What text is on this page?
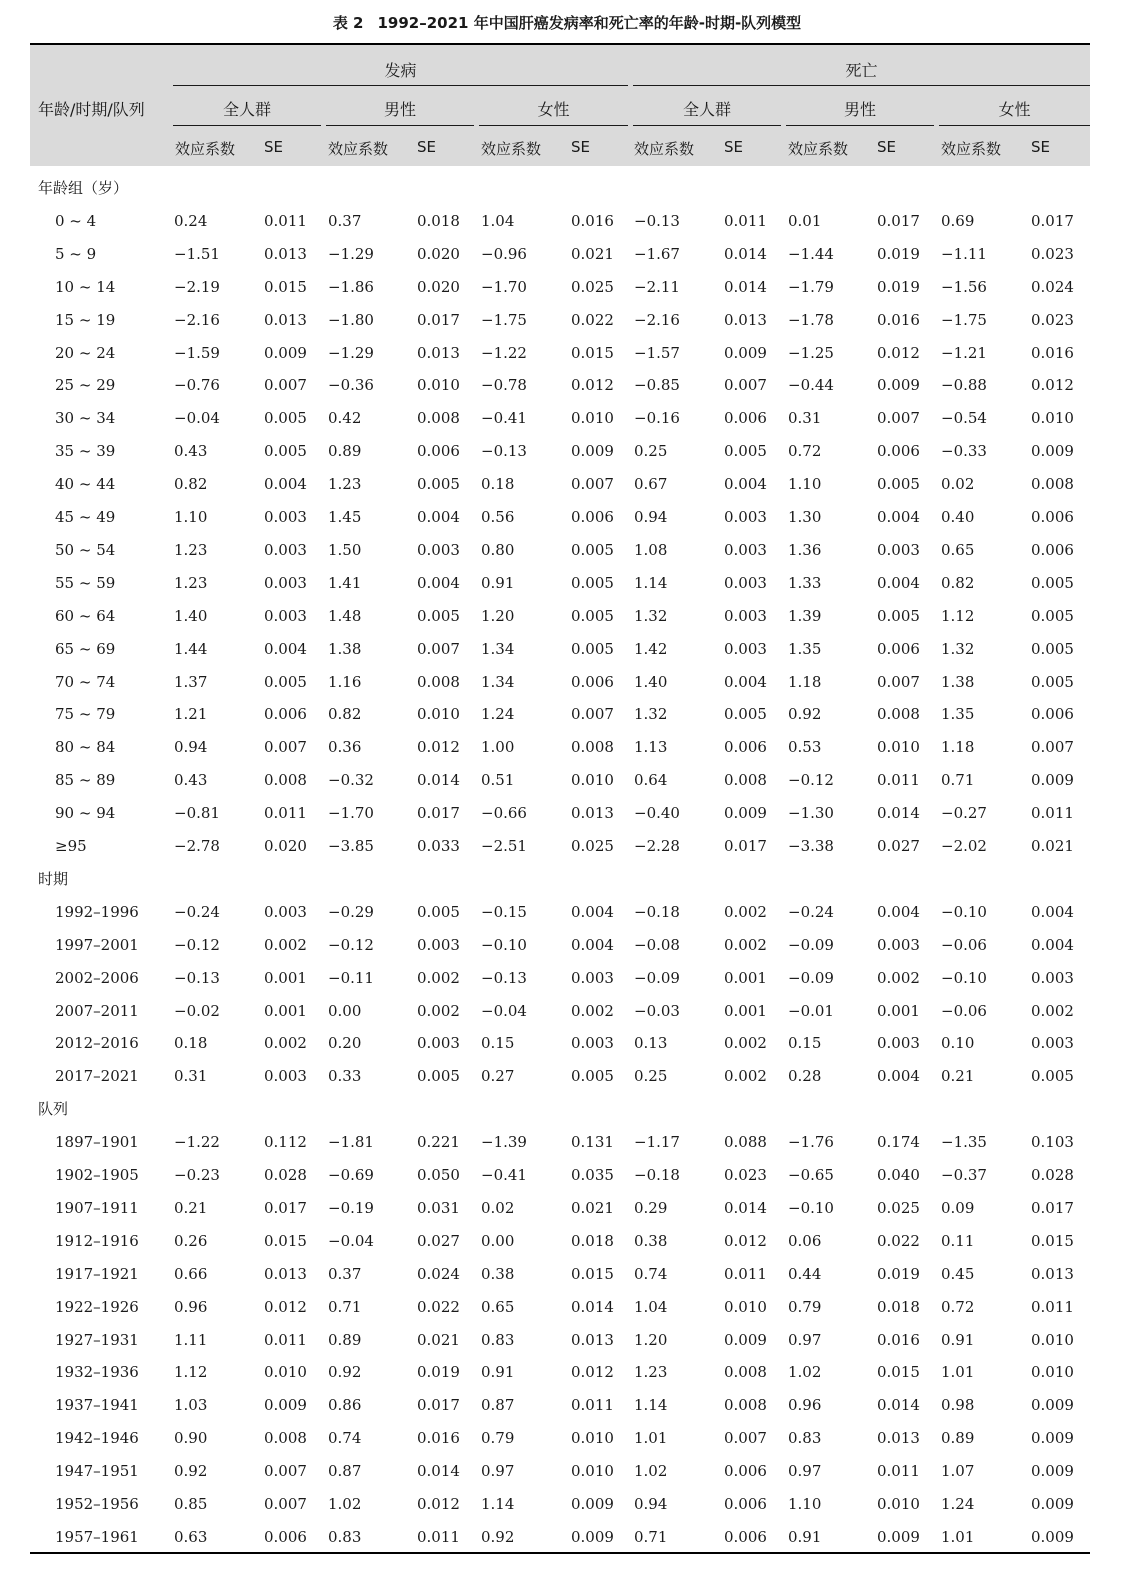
表 2 1992–2021 年中国肝癌发病率和死亡率的年龄-时期-队列模型
年龄/时期/队列
发病	死亡
全人群	男性	女性	全人群	男性	女性
效应系数 SE	效应系数 SE	效应系数 SE	效应系数 SE	效应系数 SE	效应系数 SE
年龄组（岁）
0 ~ 4	0.24	0.011 0.37	0.018 1.04	0.016 −0.13	0.011 0.01	0.017 0.69	0.017
5 ~ 9	−1.51	0.013 −1.29	0.020 −0.96	0.021 −1.67	0.014 −1.44	0.019 −1.11	0.023
10 ~ 14	−2.19	0.015 −1.86	0.020 −1.70	0.025 −2.11	0.014 −1.79	0.019 −1.56	0.024
15 ~ 19	−2.16	0.013 −1.80	0.017 −1.75	0.022 −2.16	0.013 −1.78	0.016 −1.75	0.023
20 ~ 24	−1.59	0.009 −1.29	0.013 −1.22	0.015 −1.57	0.009 −1.25	0.012 −1.21	0.016
25 ~ 29	−0.76	0.007 −0.36	0.010 −0.78	0.012 −0.85	0.007 −0.44	0.009 −0.88	0.012
30 ~ 34	−0.04	0.005 0.42	0.008 −0.41	0.010 −0.16	0.006 0.31	0.007 −0.54	0.010
35 ~ 39	0.43	0.005 0.89	0.006 −0.13	0.009 0.25	0.005 0.72	0.006 −0.33	0.009
40 ~ 44	0.82	0.004 1.23	0.005 0.18	0.007 0.67	0.004 1.10	0.005 0.02	0.008
45 ~ 49	1.10	0.003 1.45	0.004 0.56	0.006 0.94	0.003 1.30	0.004 0.40	0.006
50 ~ 54	1.23	0.003 1.50	0.003 0.80	0.005 1.08	0.003 1.36	0.003 0.65	0.006
55 ~ 59	1.23	0.003 1.41	0.004 0.91	0.005 1.14	0.003 1.33	0.004 0.82	0.005
60 ~ 64	1.40	0.003 1.48	0.005 1.20	0.005 1.32	0.003 1.39	0.005 1.12	0.005
65 ~ 69	1.44	0.004 1.38	0.007 1.34	0.005 1.42	0.003 1.35	0.006 1.32	0.005
70 ~ 74	1.37	0.005 1.16	0.008 1.34	0.006 1.40	0.004 1.18	0.007 1.38	0.005
75 ~ 79	1.21	0.006 0.82	0.010 1.24	0.007 1.32	0.005 0.92	0.008 1.35	0.006
80 ~ 84	0.94	0.007 0.36	0.012 1.00	0.008 1.13	0.006 0.53	0.010 1.18	0.007
85 ~ 89	0.43	0.008 −0.32	0.014 0.51	0.010 0.64	0.008 −0.12	0.011 0.71	0.009
90 ~ 94	−0.81	0.011 −1.70	0.017 −0.66	0.013 −0.40	0.009 −1.30	0.014 −0.27	0.011
≥95	−2.78	0.020 −3.85	0.033 −2.51	0.025 −2.28	0.017 −3.38	0.027 −2.02	0.021
时期
1992–1996 −0.24	0.003 −0.29	0.005 −0.15	0.004 −0.18	0.002 −0.24	0.004 −0.10	0.004
1997–2001 −0.12	0.002 −0.12	0.003 −0.10	0.004 −0.08	0.002 −0.09	0.003 −0.06	0.004
2002–2006 −0.13	0.001 −0.11	0.002 −0.13	0.003 −0.09	0.001 −0.09	0.002 −0.10	0.003
2007–2011 −0.02	0.001 0.00	0.002 −0.04	0.002 −0.03	0.001 −0.01	0.001 −0.06	0.002
2012–2016 0.18	0.002 0.20	0.003 0.15	0.003 0.13	0.002 0.15	0.003 0.10	0.003
2017–2021 0.31	0.003 0.33	0.005 0.27	0.005 0.25	0.002 0.28	0.004 0.21	0.005
队列
1897–1901 −1.22	0.112 −1.81	0.221 −1.39	0.131 −1.17	0.088 −1.76	0.174 −1.35	0.103
1902–1905 −0.23	0.028 −0.69	0.050 −0.41	0.035 −0.18	0.023 −0.65	0.040 −0.37	0.028
1907–1911 0.21	0.017 −0.19	0.031 0.02	0.021 0.29	0.014 −0.10	0.025 0.09	0.017
1912–1916 0.26	0.015 −0.04	0.027 0.00	0.018 0.38	0.012 0.06	0.022 0.11	0.015
1917–1921 0.66	0.013 0.37	0.024 0.38	0.015 0.74	0.011 0.44	0.019 0.45	0.013
1922–1926 0.96	0.012 0.71	0.022 0.65	0.014 1.04	0.010 0.79	0.018 0.72	0.011
1927–1931 1.11	0.011 0.89	0.021 0.83	0.013 1.20	0.009 0.97	0.016 0.91	0.010
1932–1936 1.12	0.010 0.92	0.019 0.91	0.012 1.23	0.008 1.02	0.015 1.01	0.010
1937–1941 1.03	0.009 0.86	0.017 0.87	0.011 1.14	0.008 0.96	0.014 0.98	0.009
1942–1946 0.90	0.008 0.74	0.016 0.79	0.010 1.01	0.007 0.83	0.013 0.89	0.009
1947–1951 0.92	0.007 0.87	0.014 0.97	0.010 1.02	0.006 0.97	0.011 1.07	0.009
1952–1956 0.85	0.007 1.02	0.012 1.14	0.009 0.94	0.006 1.10	0.010 1.24	0.009
1957–1961 0.63	0.006 0.83	0.011 0.92	0.009 0.71	0.006 0.91	0.009 1.01	0.009
